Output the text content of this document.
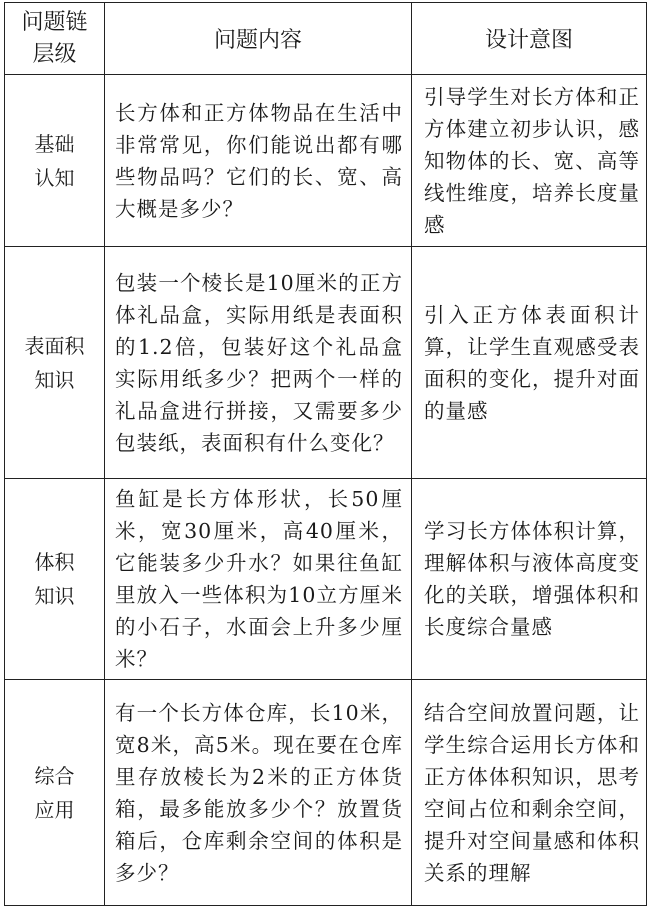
问题链
层级	问题内容	设计意图

基础
认知	长方体和正方体物品在生活中非常常见，你们能说出都有哪些物品吗？它们的长、宽、高大概是多少？	引导学生对长方体和正方体建立初步认识，感知物体的长、宽、高等线性维度，培养长度量感

表面积
知识	包装一个棱长是10厘米的正方体礼品盒，实际用纸是表面积的1.2倍，包装好这个礼品盒实际用纸多少？把两个一样的礼品盒进行拼接，又需要多少包装纸，表面积有什么变化？	引入正方体表面积计算，让学生直观感受表面积的变化，提升对面的量感

体积
知识	鱼缸是长方体形状，长50厘米，宽30厘米，高40厘米，它能装多少升水？如果往鱼缸里放入一些体积为10立方厘米的小石子，水面会上升多少厘米？	学习长方体体积计算，理解体积与液体高度变化的关联，增强体积和长度综合量感

综合
应用	有一个长方体仓库，长10米，宽8米，高5米。现在要在仓库里存放棱长为2米的正方体货箱，最多能放多少个？放置货箱后，仓库剩余空间的体积是多少？	结合空间放置问题，让学生综合运用长方体和正方体体积知识，思考空间占位和剩余空间，提升对空间量感和体积关系的理解
